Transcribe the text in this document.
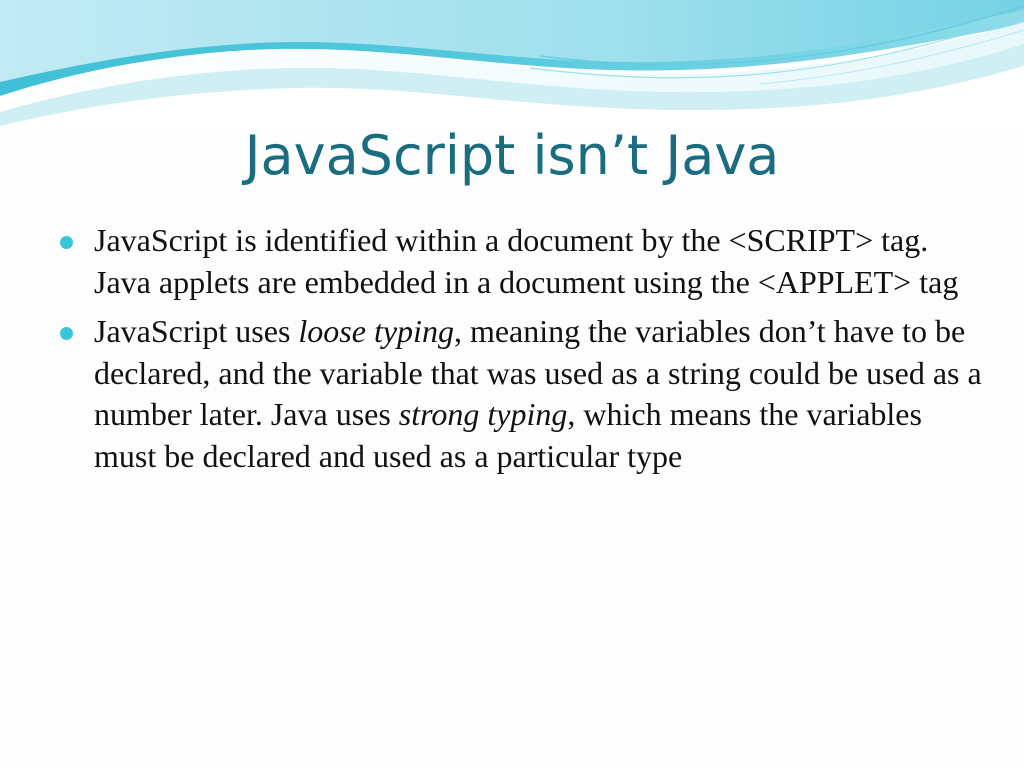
JavaScript isn’t Java
JavaScript is identified within a document by the <SCRIPT> tag. Java applets are embedded in a document using the <APPLET> tag
JavaScript uses loose typing, meaning the variables don’t have to be declared, and the variable that was used as a string could be used as a number later. Java uses strong typing, which means the variables must be declared and used as a particular type
